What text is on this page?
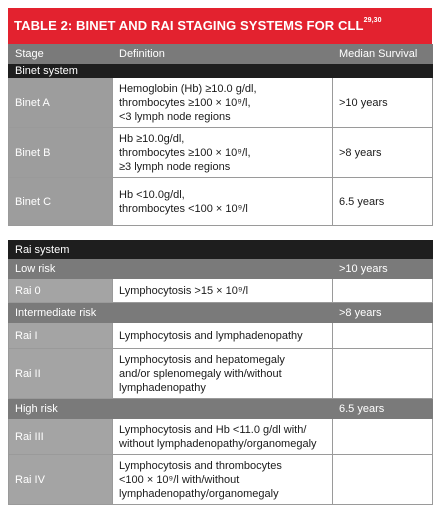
TABLE 2: BINET AND RAI STAGING SYSTEMS FOR CLL$^{29,30}$
Stage	Definition	Median Survival
Binet system		
Binet A	Hemoglobin (Hb) ≥10.0 g/dl,
thrombocytes ≥100 × 10⁹/l,
<3 lymph node regions	>10 years
Binet B	Hb ≥10.0g/dl,
thrombocytes ≥100 × 10⁹/l,
≥3 lymph node regions	>8 years
Binet C	Hb <10.0g/dl,
thrombocytes <100 × 10⁹/l	6.5 years
Rai system		
Low risk		>10 years
Rai 0	Lymphocytosis >15 × 10⁹/l	

Intermediate risk		>8 years
Rai I	Lymphocytosis and lymphadenopathy	

Rai II	Lymphocytosis and hepatomegaly
and/or splenomegaly with/without
lymphadenopathy	

High risk		6.5 years
Rai III	Lymphocytosis and Hb <11.0 g/dl with/
without lymphadenopathy/organomegaly	

Rai IV	Lymphocytosis and thrombocytes
<100 × 10⁹/l with/without
lymphadenopathy/organomegaly	
